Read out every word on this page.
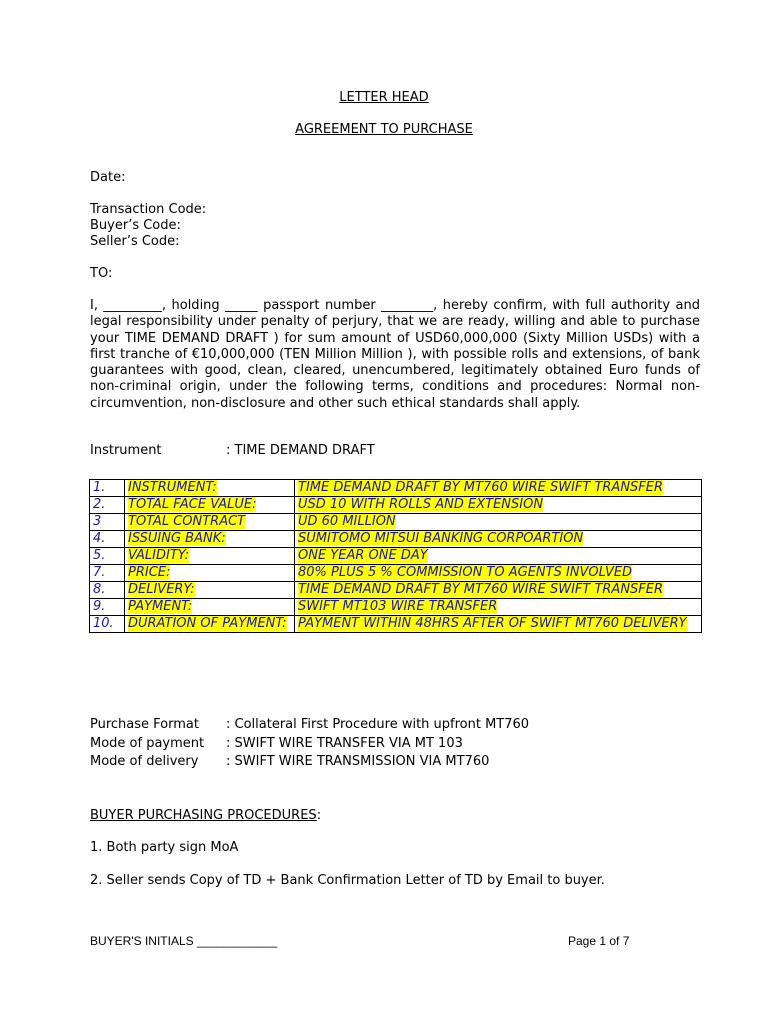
LETTER HEAD
AGREEMENT TO PURCHASE
Date:
Transaction Code:
Buyer’s Code:
Seller’s Code:
TO:
I, _________, holding _____ passport number ________, hereby confirm, with full authority and legal responsibility under penalty of perjury, that we are ready, willing and able to purchase your TIME DEMAND DRAFT ) for sum amount of USD60,000,000 (Sixty Million USDs) with a first tranche of €10,000,000 (TEN Million Million ), with possible rolls and extensions, of bank guarantees with good, clean, cleared, unencumbered, legitimately obtained Euro funds of non-criminal origin, under the following terms, conditions and procedures: Normal non-circumvention, non-disclosure and other such ethical standards shall apply.
Instrument	: TIME DEMAND DRAFT
1.	INSTRUMENT:	TIME DEMAND DRAFT BY MT760 WIRE SWIFT TRANSFER
2.	TOTAL FACE VALUE:	USD 10 WITH ROLLS AND EXTENSION
3	TOTAL CONTRACT	UD 60 MILLION
4.	ISSUING BANK:	SUMITOMO MITSUI BANKING CORPOARTION
5.	VALIDITY:	ONE YEAR ONE DAY
7.	PRICE:	80% PLUS 5 % COMMISSION TO AGENTS INVOLVED
8.	DELIVERY:	TIME DEMAND DRAFT BY MT760 WIRE SWIFT TRANSFER
9.	PAYMENT:	SWIFT MT103 WIRE TRANSFER
10.	DURATION OF PAYMENT:	PAYMENT WITHIN 48HRS AFTER OF SWIFT MT760 DELIVERY
Purchase Format : Collateral First Procedure with upfront MT760
Mode of payment : SWIFT WIRE TRANSFER VIA MT 103
Mode of delivery : SWIFT WIRE TRANSMISSION VIA MT760
BUYER PURCHASING PROCEDURES:
1. Both party sign MoA
2. Seller sends Copy of TD + Bank Confirmation Letter of TD by Email to buyer.
BUYER'S INITIALS ____________	Page 1 of 7
